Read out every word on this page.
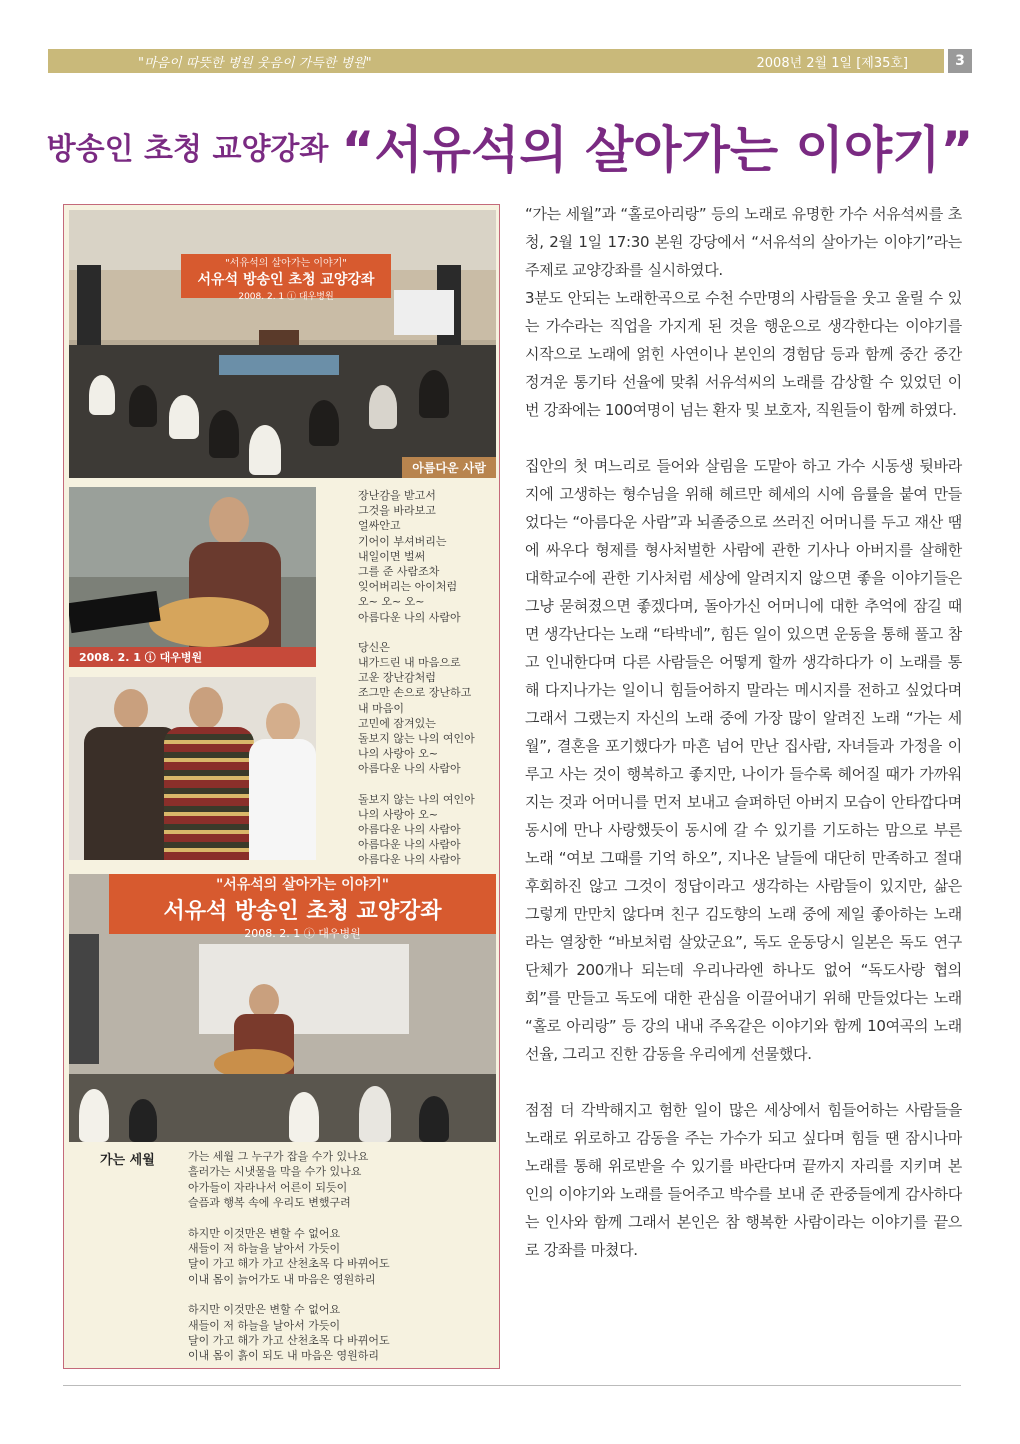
"마음이 따뜻한 병원 웃음이 가득한 병원"	2008년 2월 1일 [제35호]	3
방송인 초청 교양강좌 “서유석의 살아가는 이야기”
"서유석의 살아가는 이야기"
서유석 방송인 초청 교양강좌
2008. 2. 1 ⓘ 대우병원
아름다운 사람
2008. 2. 1 ⓘ 대우병원
장난감을 받고서
그것을 바라보고
얼싸안고
기어이 부셔버리는
내일이면 벌써
그를 준 사람조차
잊어버리는 아이처럼
오~ 오~ 오~
아름다운 나의 사람아
당신은
내가드린 내 마음으로
고운 장난감처럼
조그만 손으로 장난하고
내 마음이
고민에 잠겨있는
돌보지 않는 나의 여인아
나의 사랑아 오~
아름다운 나의 사람아
돌보지 않는 나의 여인아
나의 사랑아 오~
아름다운 나의 사람아
아름다운 나의 사람아
아름다운 나의 사람아
"서유석의 살아가는 이야기"
서유석 방송인 초청 교양강좌
2008. 2. 1 ⓘ 대우병원
가는 세월	가는 세월 그 누구가 잡을 수가 있나요
흘러가는 시냇물을 막을 수가 있나요
아가들이 자라나서 어른이 되듯이
슬픔과 행복 속에 우리도 변했구려
하지만 이것만은 변할 수 없어요
새들이 저 하늘을 날아서 가듯이
달이 가고 해가 가고 산천초목 다 바뀌어도
이내 몸이 늙어가도 내 마음은 영원하리
하지만 이것만은 변할 수 없어요
새들이 저 하늘을 날아서 가듯이
달이 가고 해가 가고 산천초목 다 바뀌어도
이내 몸이 흙이 되도 내 마음은 영원하리

“가는 세월”과 “홀로아리랑” 등의 노래로 유명한 가수 서유석씨를 초청, 2월 1일 17:30 본원 강당에서 “서유석의 살아가는 이야기”라는 주제로 교양강좌를 실시하였다.
3분도 안되는 노래한곡으로 수천 수만명의 사람들을 웃고 울릴 수 있는 가수라는 직업을 가지게 된 것을 행운으로 생각한다는 이야기를 시작으로 노래에 얽힌 사연이나 본인의 경험담 등과 함께 중간 중간 정겨운 통기타 선율에 맞춰 서유석씨의 노래를 감상할 수 있었던 이번 강좌에는 100여명이 넘는 환자 및 보호자, 직원들이 함께 하였다.

집안의 첫 며느리로 들어와 살림을 도맡아 하고 가수 시동생 뒷바라지에 고생하는 형수님을 위해 헤르만 헤세의 시에 음률을 붙여 만들었다는 “아름다운 사람”과 뇌졸중으로 쓰러진 어머니를 두고 재산 땜에 싸우다 형제를 형사처벌한 사람에 관한 기사나 아버지를 살해한 대학교수에 관한 기사처럼 세상에 알려지지 않으면 좋을 이야기들은 그냥 묻혀졌으면 좋겠다며, 돌아가신 어머니에 대한 추억에 잠길 때면 생각난다는 노래 “타박네”, 힘든 일이 있으면 운동을 통해 풀고 참고 인내한다며 다른 사람들은 어떻게 할까 생각하다가 이 노래를 통해 다지나가는 일이니 힘들어하지 말라는 메시지를 전하고 싶었다며 그래서 그랬는지 자신의 노래 중에 가장 많이 알려진 노래 “가는 세월”, 결혼을 포기했다가 마흔 넘어 만난 집사람, 자녀들과 가정을 이루고 사는 것이 행복하고 좋지만, 나이가 들수록 헤어질 때가 가까워지는 것과 어머니를 먼저 보내고 슬퍼하던 아버지 모습이 안타깝다며 동시에 만나 사랑했듯이 동시에 갈 수 있기를 기도하는 맘으로 부른 노래 “여보 그때를 기억 하오”, 지나온 날들에 대단히 만족하고 절대 후회하진 않고 그것이 정답이라고 생각하는 사람들이 있지만, 삶은 그렇게 만만치 않다며 친구 김도향의 노래 중에 제일 좋아하는 노래라는 열창한 “바보처럼 살았군요”, 독도 운동당시 일본은 독도 연구단체가 200개나 되는데 우리나라엔 하나도 없어 “독도사랑 협의회”를 만들고 독도에 대한 관심을 이끌어내기 위해 만들었다는 노래 “홀로 아리랑” 등 강의 내내 주옥같은 이야기와 함께 10여곡의 노래선율, 그리고 진한 감동을 우리에게 선물했다.

점점 더 각박해지고 험한 일이 많은 세상에서 힘들어하는 사람들을 노래로 위로하고 감동을 주는 가수가 되고 싶다며 힘들 땐 잠시나마 노래를 통해 위로받을 수 있기를 바란다며 끝까지 자리를 지키며 본인의 이야기와 노래를 들어주고 박수를 보내 준 관중들에게 감사하다는 인사와 함께 그래서 본인은 참 행복한 사람이라는 이야기를 끝으로 강좌를 마쳤다.
